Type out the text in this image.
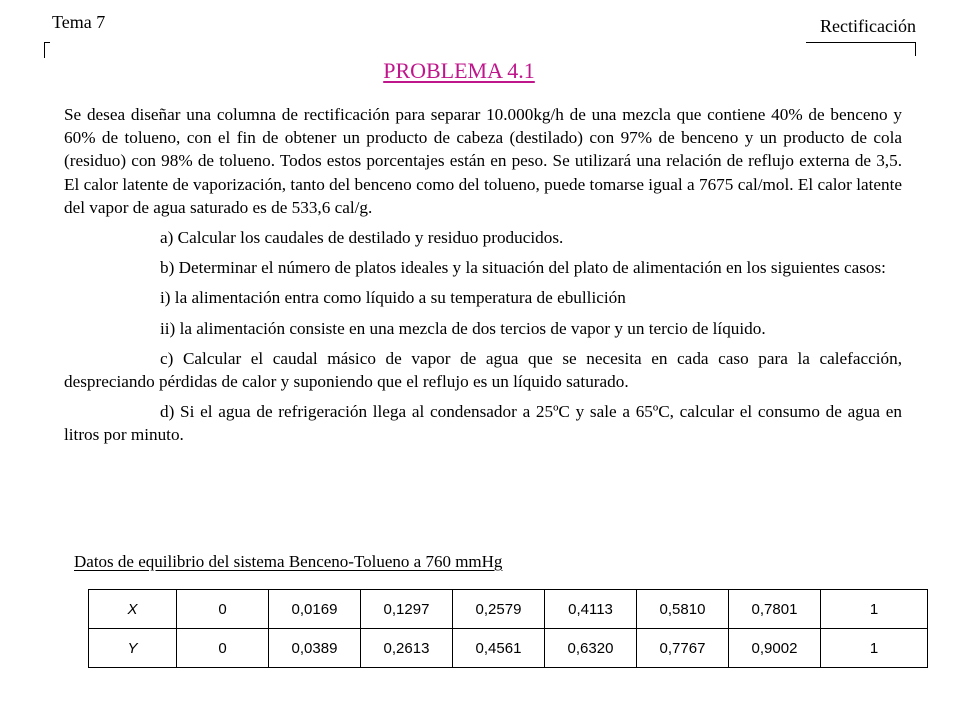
Tema 7	Rectificación
PROBLEMA 4.1

Se desea diseñar una columna de rectificación para separar 10.000kg/h de una mezcla que contiene 40% de benceno y 60% de tolueno, con el fin de obtener un producto de cabeza (destilado) con 97% de benceno y un producto de cola (residuo) con 98% de tolueno. Todos estos porcentajes están en peso. Se utilizará una relación de reflujo externa de 3,5. El calor latente de vaporización, tanto del benceno como del tolueno, puede tomarse igual a 7675 cal/mol. El calor latente del vapor de agua saturado es de 533,6 cal/g.

a) Calcular los caudales de destilado y residuo producidos.

b) Determinar el número de platos ideales y la situación del plato de alimentación en los siguientes casos:

i) la alimentación entra como líquido a su temperatura de ebullición

ii) la alimentación consiste en una mezcla de dos tercios de vapor y un tercio de líquido.

c) Calcular el caudal másico de vapor de agua que se necesita en cada caso para la calefacción, despreciando pérdidas de calor y suponiendo que el reflujo es un líquido saturado.

d) Si el agua de refrigeración llega al condensador a 25ºC y sale a 65ºC, calcular el consumo de agua en litros por minuto.

Datos de equilibrio del sistema Benceno-Tolueno a 760 mmHg
X	0	0,0169	0,1297	0,2579	0,4113	0,5810	0,7801	1
Y	0	0,0389	0,2613	0,4561	0,6320	0,7767	0,9002	1
